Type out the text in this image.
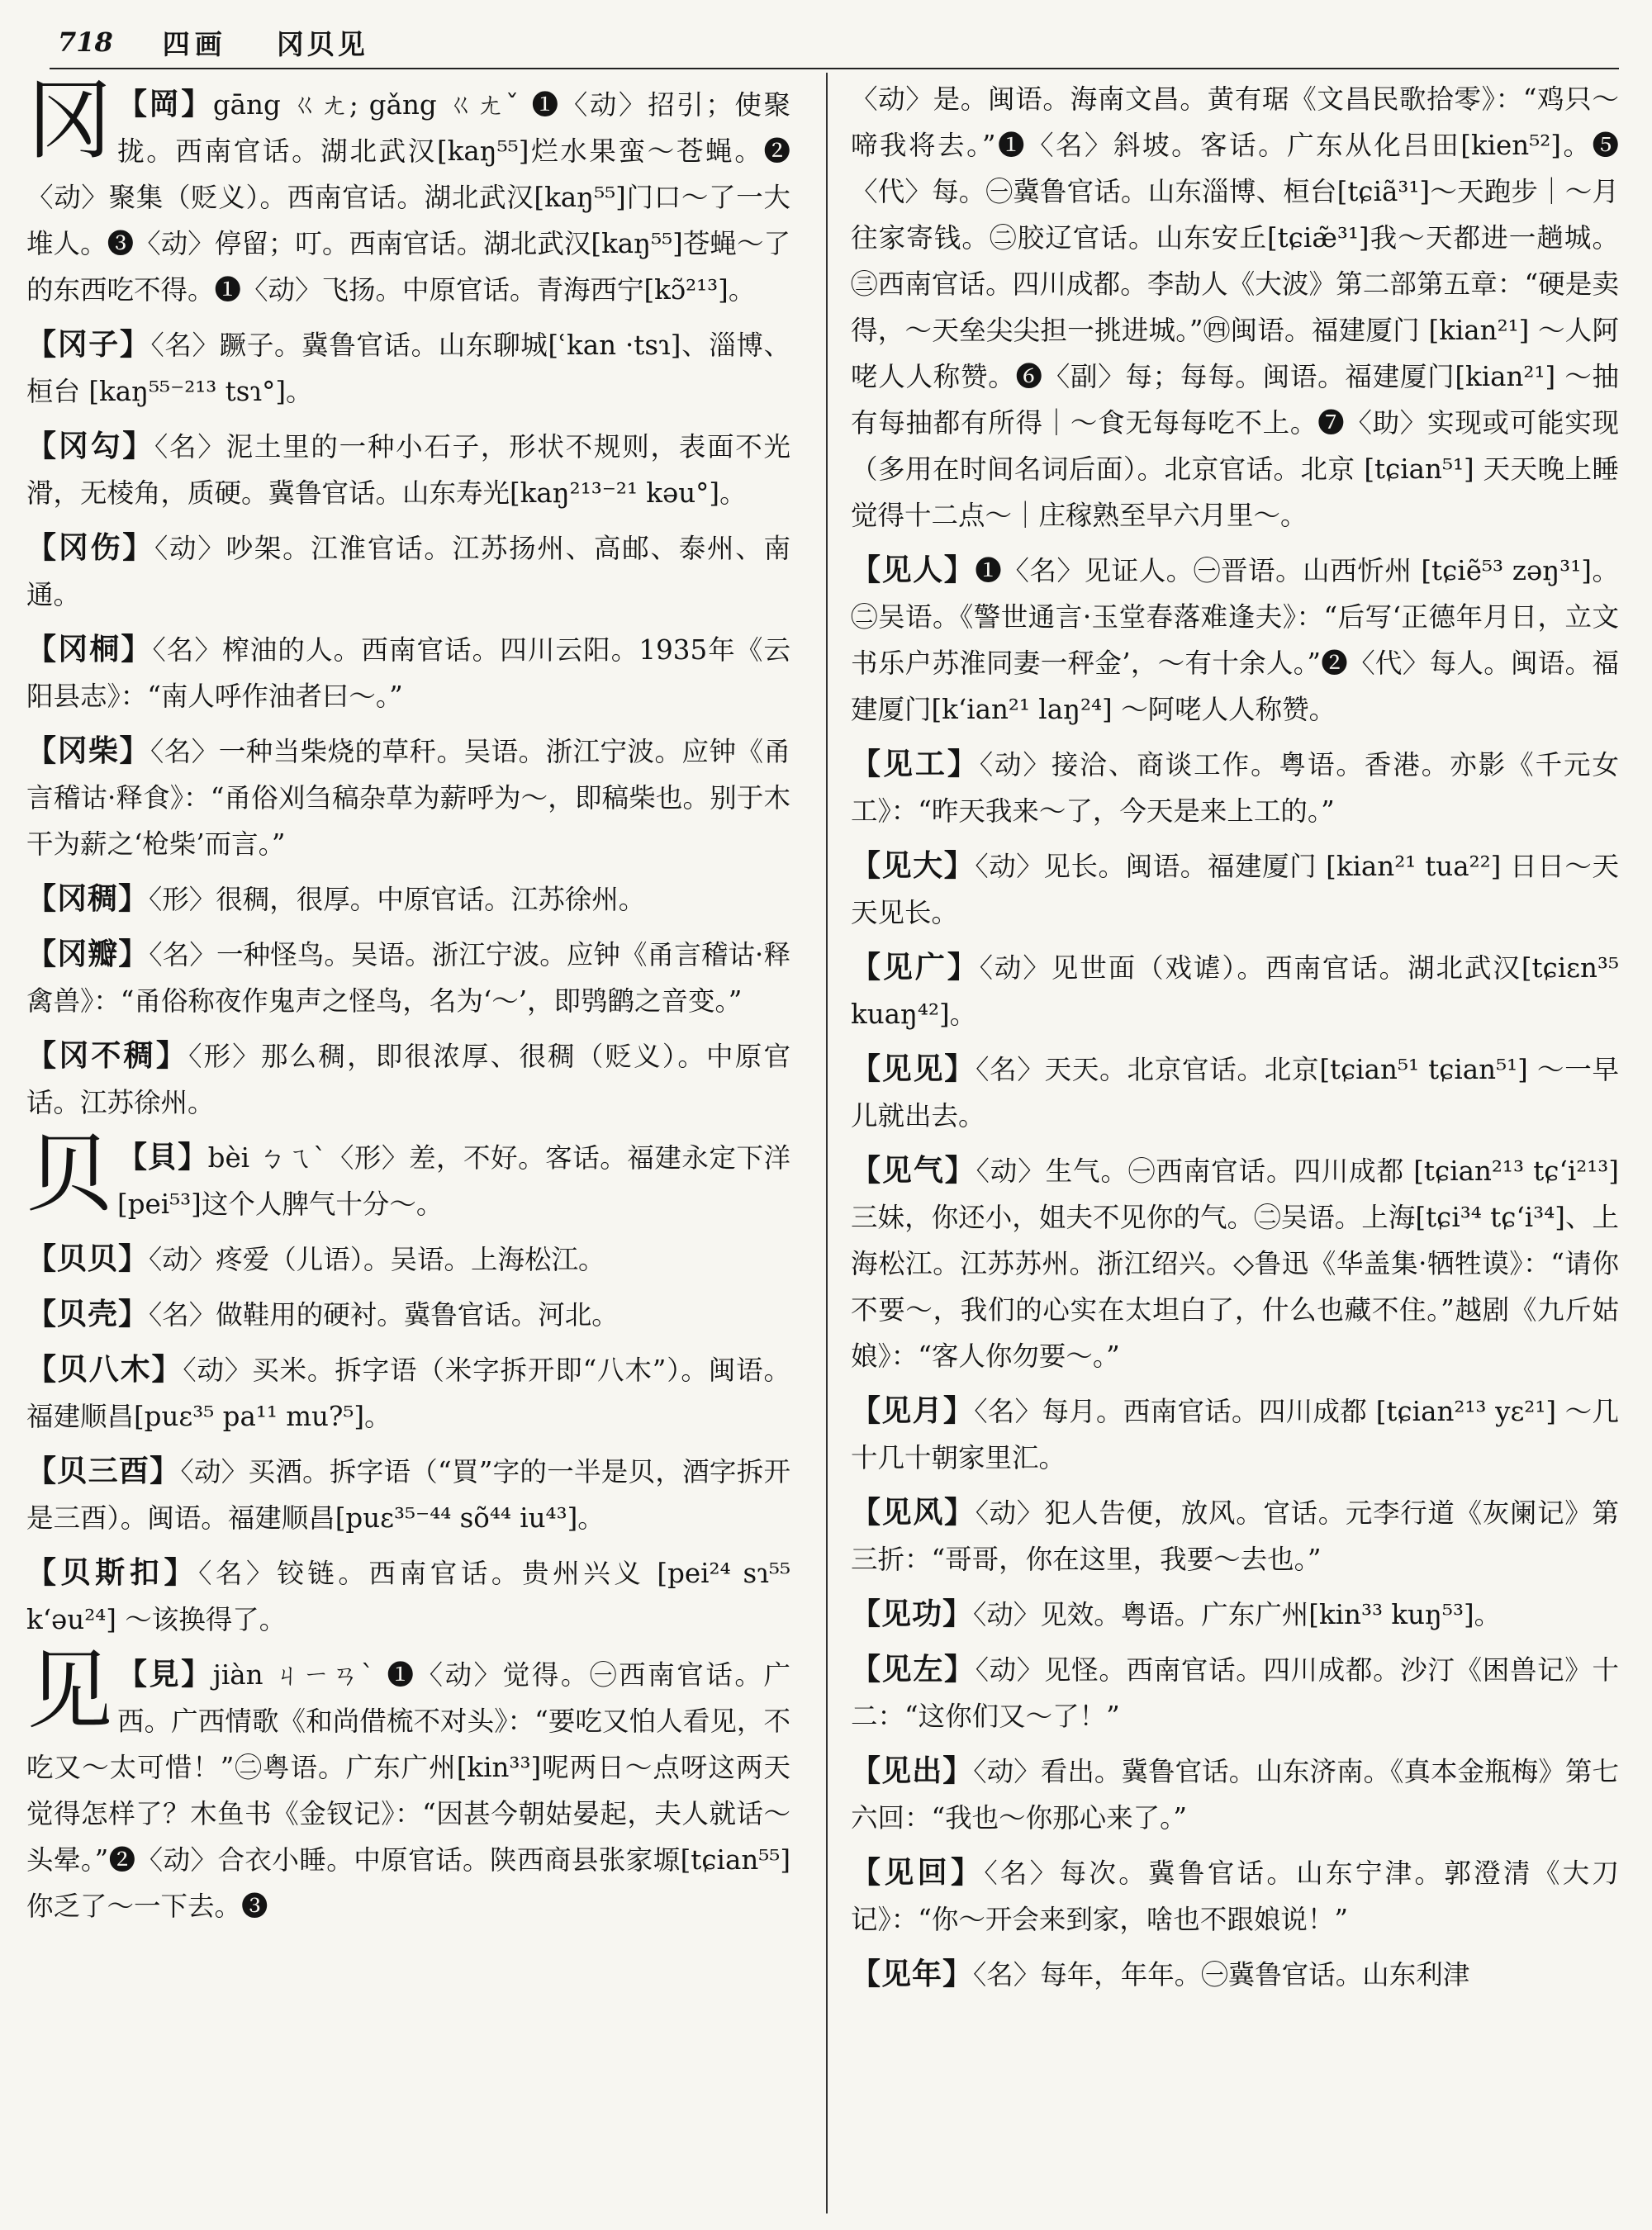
718 四画 冈贝见

冈 【岡】gāng ㄍㄤ; gǎng ㄍㄤˇ ❶〈动〉招引；使聚拢。西南官话。湖北武汉[kaŋ⁵⁵]烂水果蛮～苍蝇。❷〈动〉聚集（贬义）。西南官话。湖北武汉[kaŋ⁵⁵]门口～了一大堆人。❸〈动〉停留；叮。西南官话。湖北武汉[kaŋ⁵⁵]苍蝇～了的东西吃不得。❶〈动〉飞扬。中原官话。青海西宁[kɔ̃²¹³]。

【冈子】〈名〉蹶子。冀鲁官话。山东聊城[ʿkan ·tsɿ]、淄博、桓台 [kaŋ⁵⁵⁻²¹³ tsɿ°]。

【冈勾】〈名〉泥土里的一种小石子，形状不规则，表面不光滑，无棱角，质硬。冀鲁官话。山东寿光[kaŋ²¹³⁻²¹ kəu°]。

【冈伤】〈动〉吵架。江淮官话。江苏扬州、高邮、泰州、南通。

【冈桐】〈名〉榨油的人。西南官话。四川云阳。1935年《云阳县志》：“南人呼作油者曰～。”

【冈柴】〈名〉一种当柴烧的草秆。吴语。浙江宁波。应钟《甬言稽诂·释食》：“甬俗刈刍稿杂草为薪呼为～，即稿柴也。别于木干为薪之‘枪柴’而言。”

【冈稠】〈形〉很稠，很厚。中原官话。江苏徐州。

【冈瓣】〈名〉一种怪鸟。吴语。浙江宁波。应钟《甬言稽诂·释禽兽》：“甬俗称夜作鬼声之怪鸟，名为‘～’，即鸮鹠之音变。”

【冈不稠】〈形〉那么稠，即很浓厚、很稠（贬义）。中原官话。江苏徐州。

贝 【貝】bèi ㄅㄟˋ〈形〉差，不好。客话。福建永定下洋[pei⁵³]这个人脾气十分～。

【贝贝】〈动〉疼爱（儿语）。吴语。上海松江。

【贝壳】〈名〉做鞋用的硬衬。冀鲁官话。河北。

【贝八木】〈动〉买米。拆字语（米字拆开即“八木”）。闽语。福建顺昌[puɛ³⁵ pa¹¹ mu?⁵]。

【贝三酉】〈动〉买酒。拆字语（“買”字的一半是贝，酒字拆开是三酉）。闽语。福建顺昌[puɛ³⁵⁻⁴⁴ sõ⁴⁴ iu⁴³]。

【贝斯扣】〈名〉铰链。西南官话。贵州兴义 [pei²⁴ sɿ⁵⁵ kʻəu²⁴] ～该换得了。

见 【見】jiàn ㄐㄧㄢˋ ❶〈动〉觉得。㊀西南官话。广西。广西情歌《和尚借梳不对头》：“要吃又怕人看见，不吃又～太可惜！”㊁粤语。广东广州[kin³³]呢两日～点呀这两天觉得怎样了？木鱼书《金钗记》：“因甚今朝姑晏起，夫人就话～头晕。”❷〈动〉合衣小睡。中原官话。陕西商县张家塬[tɕian⁵⁵] 你乏了～一下去。❸

〈动〉是。闽语。海南文昌。黄有琚《文昌民歌拾零》：“鸡只～啼我将去。”❶〈名〉斜坡。客话。广东从化吕田[kien⁵²]。❺〈代〉每。㊀冀鲁官话。山东淄博、桓台[tɕiã³¹]～天跑步｜～月往家寄钱。㊁胶辽官话。山东安丘[tɕiæ̃³¹]我～天都进一趟城。㊂西南官话。四川成都。李劼人《大波》第二部第五章：“硬是卖得，～天垒尖尖担一挑进城。”㊃闽语。福建厦门 [kian²¹] ～人阿咾人人称赞。❻〈副〉每；每每。闽语。福建厦门[kian²¹] ～抽有每抽都有所得｜～食无每每吃不上。❼〈助〉实现或可能实现（多用在时间名词后面）。北京官话。北京 [tɕian⁵¹] 天天晚上睡觉得十二点～｜庄稼熟至早六月里～。

【见人】❶〈名〉见证人。㊀晋语。山西忻州 [tɕiẽ⁵³ zəŋ³¹]。㊁吴语。《警世通言·玉堂春落难逢夫》：“后写‘正德年月日，立文书乐户苏淮同妻一秤金’，～有十余人。”❷〈代〉每人。闽语。福建厦门[kʻian²¹ laŋ²⁴] ～阿咾人人称赞。

【见工】〈动〉接洽、商谈工作。粤语。香港。亦影《千元女工》：“昨天我来～了，今天是来上工的。”

【见大】〈动〉见长。闽语。福建厦门 [kian²¹ tua²²] 日日～天天见长。

【见广】〈动〉见世面（戏谑）。西南官话。湖北武汉[tɕiɛn³⁵ kuaŋ⁴²]。

【见见】〈名〉天天。北京官话。北京[tɕian⁵¹ tɕian⁵¹] ～一早儿就出去。

【见气】〈动〉生气。㊀西南官话。四川成都 [tɕian²¹³ tɕʻi²¹³] 三妹，你还小，姐夫不见你的气。㊁吴语。上海[tɕi³⁴ tɕʻi³⁴]、上海松江。江苏苏州。浙江绍兴。◇鲁迅《华盖集·牺牲谟》：“请你不要～，我们的心实在太坦白了，什么也藏不住。”越剧《九斤姑娘》：“客人你勿要～。”

【见月】〈名〉每月。西南官话。四川成都 [tɕian²¹³ yɛ²¹] ～几十几十朝家里汇。

【见风】〈动〉犯人告便，放风。官话。元李行道《灰阑记》第三折：“哥哥，你在这里，我要～去也。”

【见功】〈动〉见效。粤语。广东广州[kin³³ kuŋ⁵³]。

【见左】〈动〉见怪。西南官话。四川成都。沙汀《困兽记》十二：“这你们又～了！”

【见出】〈动〉看出。冀鲁官话。山东济南。《真本金瓶梅》第七六回：“我也～你那心来了。”

【见回】〈名〉每次。冀鲁官话。山东宁津。郭澄清《大刀记》：“你～开会来到家，啥也不跟娘说！”

【见年】〈名〉每年，年年。㊀冀鲁官话。山东利津
